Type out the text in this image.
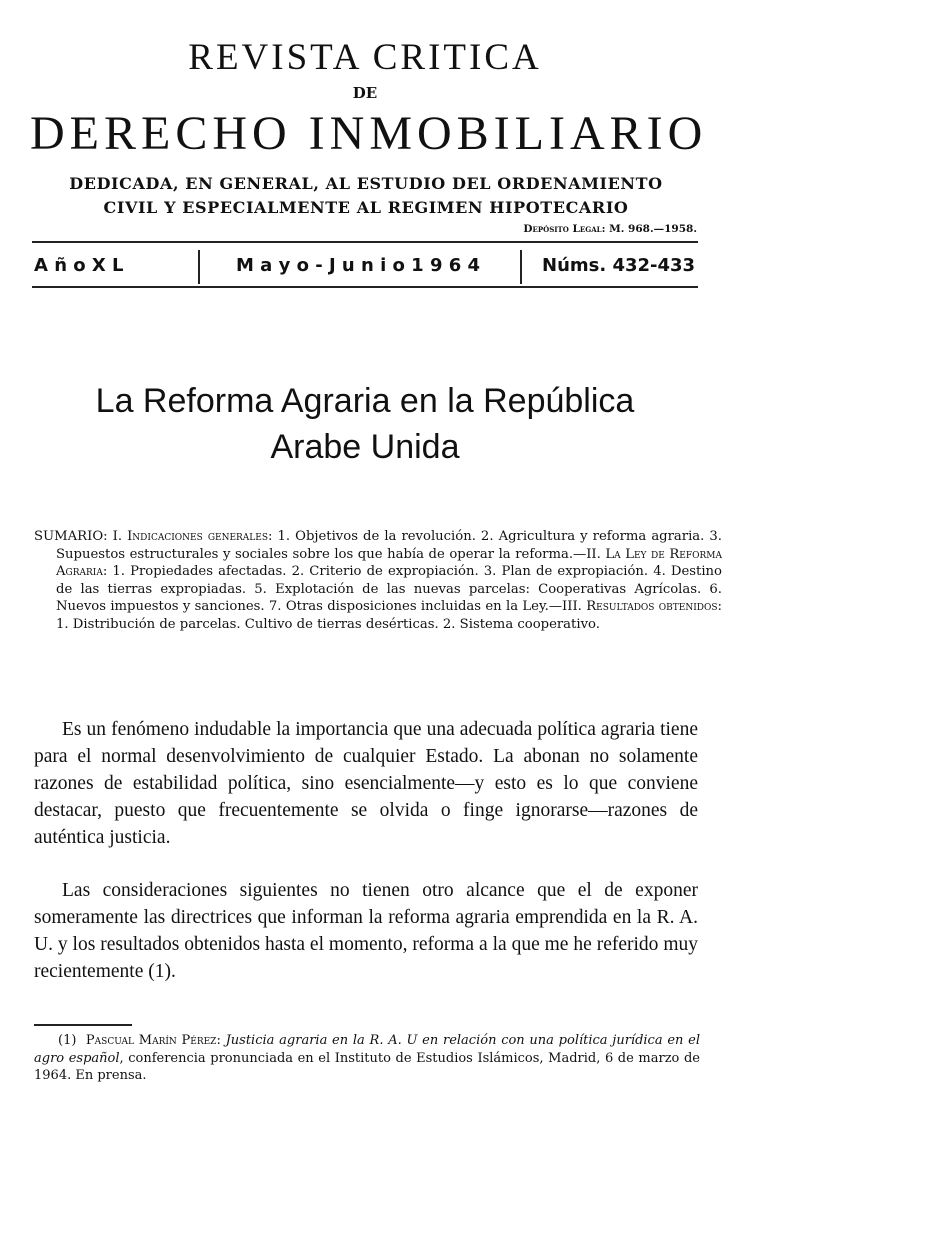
REVISTA CRITICA
DE
DERECHO INMOBILIARIO
DEDICADA, EN GENERAL, AL ESTUDIO DEL ORDENAMIENTO
CIVIL Y ESPECIALMENTE AL REGIMEN HIPOTECARIO
Depósito Legal: M. 968.—1958.
A ñ o X L	M a y o - J u n i o 1 9 6 4	Núms. 432-433
La Reforma Agraria en la República
Arabe Unida
SUMARIO: I. Indicaciones generales: 1. Objetivos de la revolución. 2. Agricultura y reforma agraria. 3. Supuestos estructurales y sociales sobre los que había de operar la reforma.—II. La Ley de Reforma Agraria: 1. Propiedades afectadas. 2. Criterio de expropiación. 3. Plan de expropiación. 4. Destino de las tierras expropiadas. 5. Explotación de las nuevas parcelas: Cooperativas Agrícolas. 6. Nuevos impuestos y sanciones. 7. Otras disposiciones incluidas en la Ley.—III. Resultados obtenidos: 1. Distribución de parcelas. Cultivo de tierras desérticas. 2. Sistema cooperativo.
Es un fenómeno indudable la importancia que una adecuada política agraria tiene para el normal desenvolvimiento de cualquier Estado. La abonan no solamente razones de estabilidad política, sino esencialmente—y esto es lo que conviene destacar, puesto que frecuentemente se olvida o finge ignorarse—razones de auténtica justicia.
Las consideraciones siguientes no tienen otro alcance que el de exponer someramente las directrices que informan la reforma agraria emprendida en la R. A. U. y los resultados obtenidos hasta el momento, reforma a la que me he referido muy recientemente (1).
(1) Pascual Marín Pérez: Justicia agraria en la R. A. U en relación con una política jurídica en el agro español, conferencia pronunciada en el Instituto de Estudios Islámicos, Madrid, 6 de marzo de 1964. En prensa.
